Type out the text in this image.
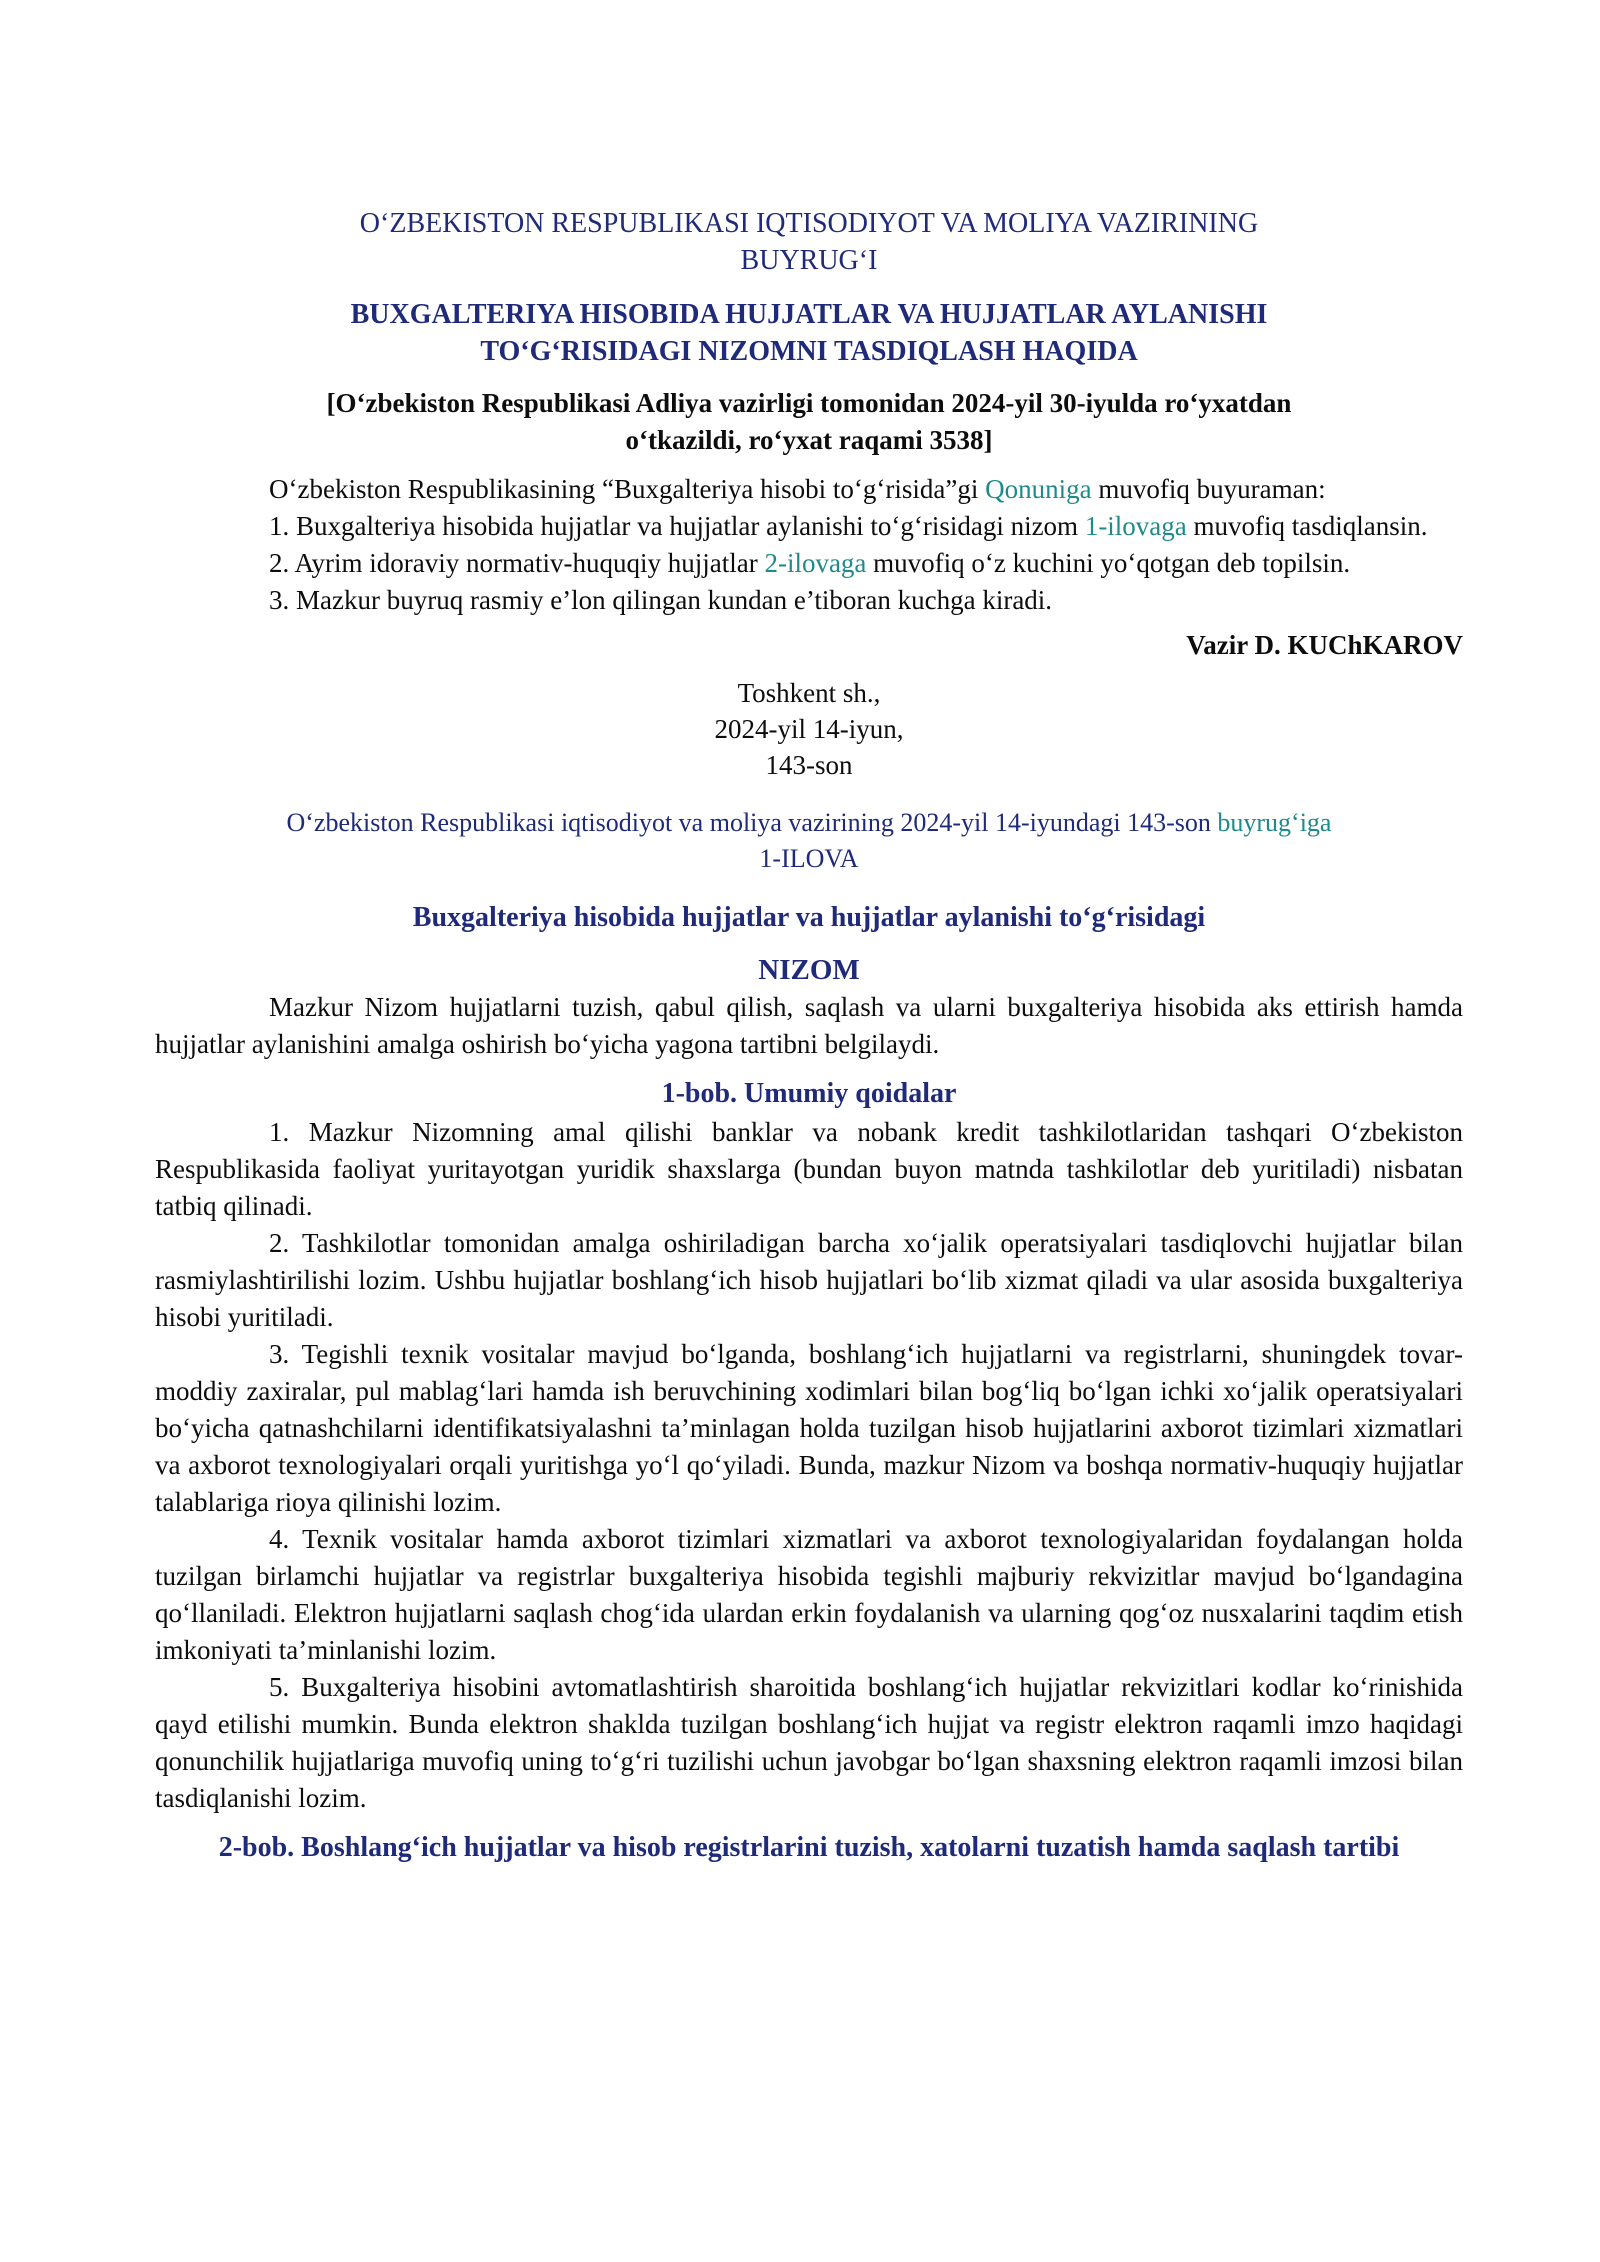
O‘ZBEKISTON RESPUBLIKASI IQTISODIYOT VA MOLIYA VAZIRINING
BUYRUG‘I
BUXGALTERIYA HISOBIDA HUJJATLAR VA HUJJATLAR AYLANISHI
TO‘G‘RISIDAGI NIZOMNI TASDIQLASH HAQIDA
[O‘zbekiston Respublikasi Adliya vazirligi tomonidan 2024-yil 30-iyulda ro‘yxatdan
o‘tkazildi, ro‘yxat raqami 3538]

O‘zbekiston Respublikasining “Buxgalteriya hisobi to‘g‘risida”gi Qonuniga muvofiq buyuraman:

1. Buxgalteriya hisobida hujjatlar va hujjatlar aylanishi to‘g‘risidagi nizom 1-ilovaga muvofiq tasdiqlansin.

2. Ayrim idoraviy normativ-huquqiy hujjatlar 2-ilovaga muvofiq o‘z kuchini yo‘qotgan deb topilsin.

3. Mazkur buyruq rasmiy e’lon qilingan kundan e’tiboran kuchga kiradi.

Vazir D. KUChKAROV
Toshkent sh.,
2024-yil 14-iyun,
143-son
O‘zbekiston Respublikasi iqtisodiyot va moliya vazirining 2024-yil 14-iyundagi 143-son buyrug‘iga
1-ILOVA
Buxgalteriya hisobida hujjatlar va hujjatlar aylanishi to‘g‘risidagi
NIZOM

Mazkur Nizom hujjatlarni tuzish, qabul qilish, saqlash va ularni buxgalteriya hisobida aks ettirish hamda hujjatlar aylanishini amalga oshirish bo‘yicha yagona tartibni belgilaydi.

1-bob. Umumiy qoidalar

1. Mazkur Nizomning amal qilishi banklar va nobank kredit tashkilotlaridan tashqari O‘zbekiston Respublikasida faoliyat yuritayotgan yuridik shaxslarga (bundan buyon matnda tashkilotlar deb yuritiladi) nisbatan tatbiq qilinadi.

2. Tashkilotlar tomonidan amalga oshiriladigan barcha xo‘jalik operatsiyalari tasdiqlovchi hujjatlar bilan rasmiylashtirilishi lozim. Ushbu hujjatlar boshlang‘ich hisob hujjatlari bo‘lib xizmat qiladi va ular asosida buxgalteriya hisobi yuritiladi.

3. Tegishli texnik vositalar mavjud bo‘lganda, boshlang‘ich hujjatlarni va registrlarni, shuningdek tovar-moddiy zaxiralar, pul mablag‘lari hamda ish beruvchining xodimlari bilan bog‘liq bo‘lgan ichki xo‘jalik operatsiyalari bo‘yicha qatnashchilarni identifikatsiyalashni ta’minlagan holda tuzilgan hisob hujjatlarini axborot tizimlari xizmatlari va axborot texnologiyalari orqali yuritishga yo‘l qo‘yiladi. Bunda, mazkur Nizom va boshqa normativ-huquqiy hujjatlar talablariga rioya qilinishi lozim.

4. Texnik vositalar hamda axborot tizimlari xizmatlari va axborot texnologiyalaridan foydalangan holda tuzilgan birlamchi hujjatlar va registrlar buxgalteriya hisobida tegishli majburiy rekvizitlar mavjud bo‘lgandagina qo‘llaniladi. Elektron hujjatlarni saqlash chog‘ida ulardan erkin foydalanish va ularning qog‘oz nusxalarini taqdim etish imkoniyati ta’minlanishi lozim.

5. Buxgalteriya hisobini avtomatlashtirish sharoitida boshlang‘ich hujjatlar rekvizitlari kodlar ko‘rinishida qayd etilishi mumkin. Bunda elektron shaklda tuzilgan boshlang‘ich hujjat va registr elektron raqamli imzo haqidagi qonunchilik hujjatlariga muvofiq uning to‘g‘ri tuzilishi uchun javobgar bo‘lgan shaxsning elektron raqamli imzosi bilan tasdiqlanishi lozim.

2-bob. Boshlang‘ich hujjatlar va hisob registrlarini tuzish, xatolarni tuzatish hamda saqlash tartibi
